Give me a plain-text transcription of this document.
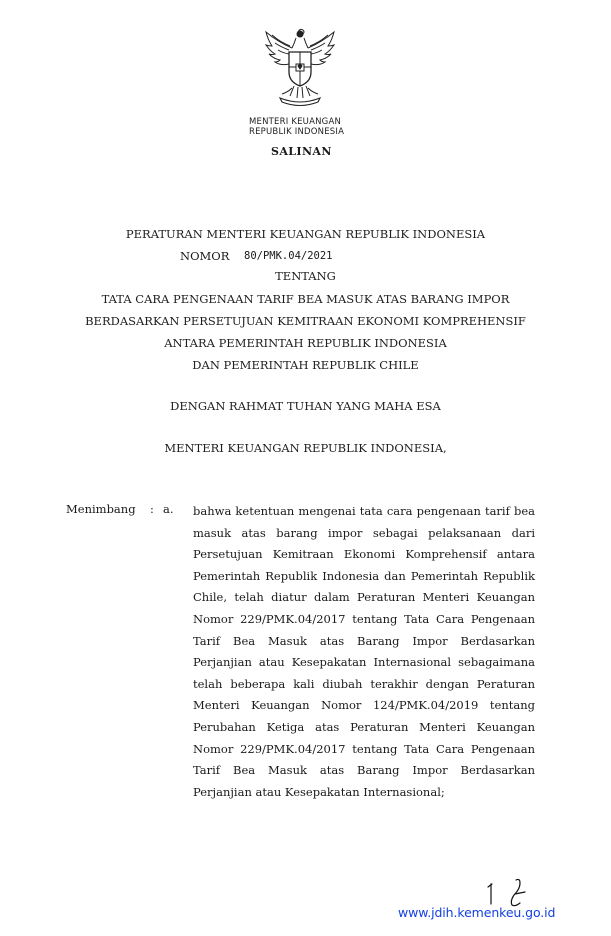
MENTERI KEUANGAN
REPUBLIK INDONESIA
SALINAN
PERATURAN MENTERI KEUANGAN REPUBLIK INDONESIA
NOMOR 80/PMK.04/2021
TENTANG
TATA CARA PENGENAAN TARIF BEA MASUK ATAS BARANG IMPOR
BERDASARKAN PERSETUJUAN KEMITRAAN EKONOMI KOMPREHENSIF
ANTARA PEMERINTAH REPUBLIK INDONESIA
DAN PEMERINTAH REPUBLIK CHILE
DENGAN RAHMAT TUHAN YANG MAHA ESA
MENTERI KEUANGAN REPUBLIK INDONESIA,
Menimbang : a. bahwa ketentuan mengenai tata cara pengenaan tarif bea
masuk atas barang impor sebagai pelaksanaan dari
Persetujuan Kemitraan Ekonomi Komprehensif antara
Pemerintah Republik Indonesia dan Pemerintah Republik
Chile, telah diatur dalam Peraturan Menteri Keuangan
Nomor 229/PMK.04/2017 tentang Tata Cara Pengenaan
Tarif Bea Masuk atas Barang Impor Berdasarkan
Perjanjian atau Kesepakatan Internasional sebagaimana
telah beberapa kali diubah terakhir dengan Peraturan
Menteri Keuangan Nomor 124/PMK.04/2019 tentang
Perubahan Ketiga atas Peraturan Menteri Keuangan
Nomor 229/PMK.04/2017 tentang Tata Cara Pengenaan
Tarif Bea Masuk atas Barang Impor Berdasarkan
Perjanjian atau Kesepakatan Internasional;
www.jdih.kemenkeu.go.id
